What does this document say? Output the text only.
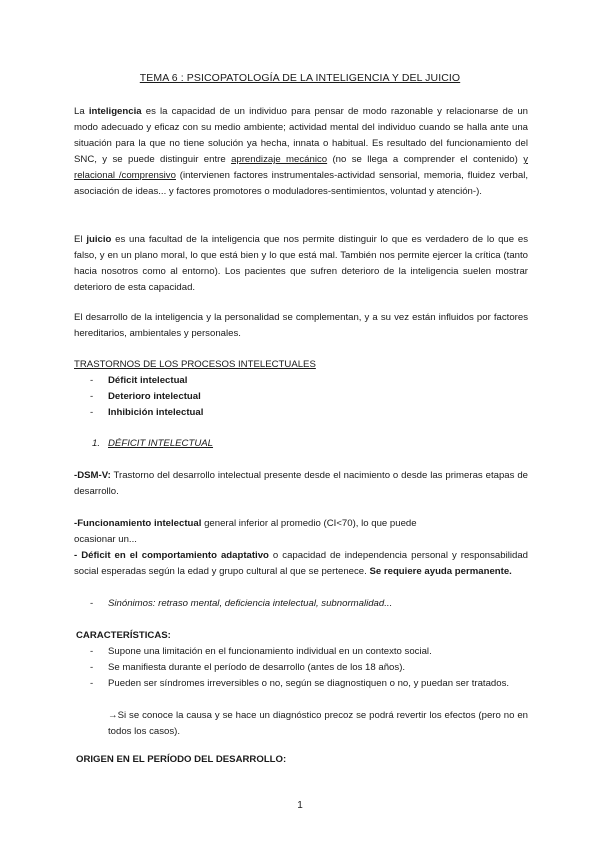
TEMA 6 : PSICOPATOLOGÍA DE LA INTELIGENCIA Y DEL JUICIO

La inteligencia es la capacidad de un individuo para pensar de modo razonable y relacionarse de un modo adecuado y eficaz con su medio ambiente; actividad mental del individuo cuando se halla ante una situación para la que no tiene solución ya hecha, innata o habitual. Es resultado del funcionamiento del SNC, y se puede distinguir entre aprendizaje mecánico (no se llega a comprender el contenido) y relacional /comprensivo (intervienen factores instrumentales-actividad sensorial, memoria, fluidez verbal, asociación de ideas... y factores promotores o moduladores-sentimientos, voluntad y atención-).

El juicio es una facultad de la inteligencia que nos permite distinguir lo que es verdadero de lo que es falso, y en un plano moral, lo que está bien y lo que está mal. También nos permite ejercer la crítica (tanto hacia nosotros como al entorno). Los pacientes que sufren deterioro de la inteligencia suelen mostrar deterioro de esta capacidad.

El desarrollo de la inteligencia y la personalidad se complementan, y a su vez están influidos por factores hereditarios, ambientales y personales.

TRASTORNOS DE LOS PROCESOS INTELECTUALES

- Déficit intelectual

- Deterioro intelectual

- Inhibición intelectual

1. DÉFICIT INTELECTUAL

-DSM-V: Trastorno del desarrollo intelectual presente desde el nacimiento o desde las primeras etapas de desarrollo.

-Funcionamiento intelectual general inferior al promedio (CI<70), lo que puede

ocasionar un...

- Déficit en el comportamiento adaptativo o capacidad de independencia personal y responsabilidad social esperadas según la edad y grupo cultural al que se pertenece. Se requiere ayuda permanente.

- Sinónimos: retraso mental, deficiencia intelectual, subnormalidad...

CARACTERÍSTICAS:

- Supone una limitación en el funcionamiento individual en un contexto social.

- Se manifiesta durante el período de desarrollo (antes de los 18 años).

- Pueden ser síndromes irreversibles o no, según se diagnostiquen o no, y puedan ser tratados.

→Si se conoce la causa y se hace un diagnóstico precoz se podrá revertir los efectos (pero no en todos los casos).

ORIGEN EN EL PERÍODO DEL DESARROLLO:

1
